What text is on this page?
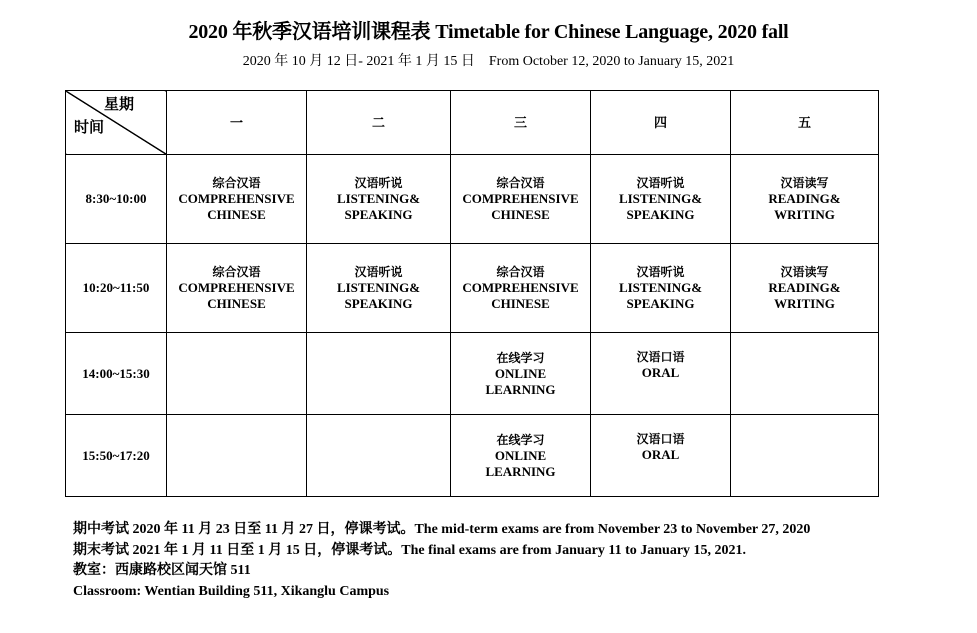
2020 年秋季汉语培训课程表 Timetable for Chinese Language, 2020 fall
2020 年 10 月 12 日- 2021 年 1 月 15 日    From October 12, 2020 to January 15, 2021
星期
时间	一	二	三	四	五
8:30~10:00	综合汉语
COMPREHENSIVE
CHINESE	汉语听说
LISTENING&
SPEAKING	综合汉语
COMPREHENSIVE
CHINESE	汉语听说
LISTENING&
SPEAKING	汉语读写
READING&
WRITING

10:20~11:50	综合汉语
COMPREHENSIVE
CHINESE	汉语听说
LISTENING&
SPEAKING	综合汉语
COMPREHENSIVE
CHINESE	汉语听说
LISTENING&
SPEAKING	汉语读写
READING&
WRITING

14:00~15:30			在线学习
ONLINE
LEARNING	汉语口语
ORAL	

15:50~17:20			在线学习
ONLINE
LEARNING	汉语口语
ORAL	

期中考试 2020 年 11 月 23 日至 11 月 27 日，停课考试。The mid-term exams are from November 23 to November 27, 2020
期末考试 2021 年 1 月 11 日至 1 月 15 日，停课考试。The final exams are from January 11 to January 15, 2021.
教室：西康路校区闻天馆 511
Classroom: Wentian Building 511, Xikanglu Campus
